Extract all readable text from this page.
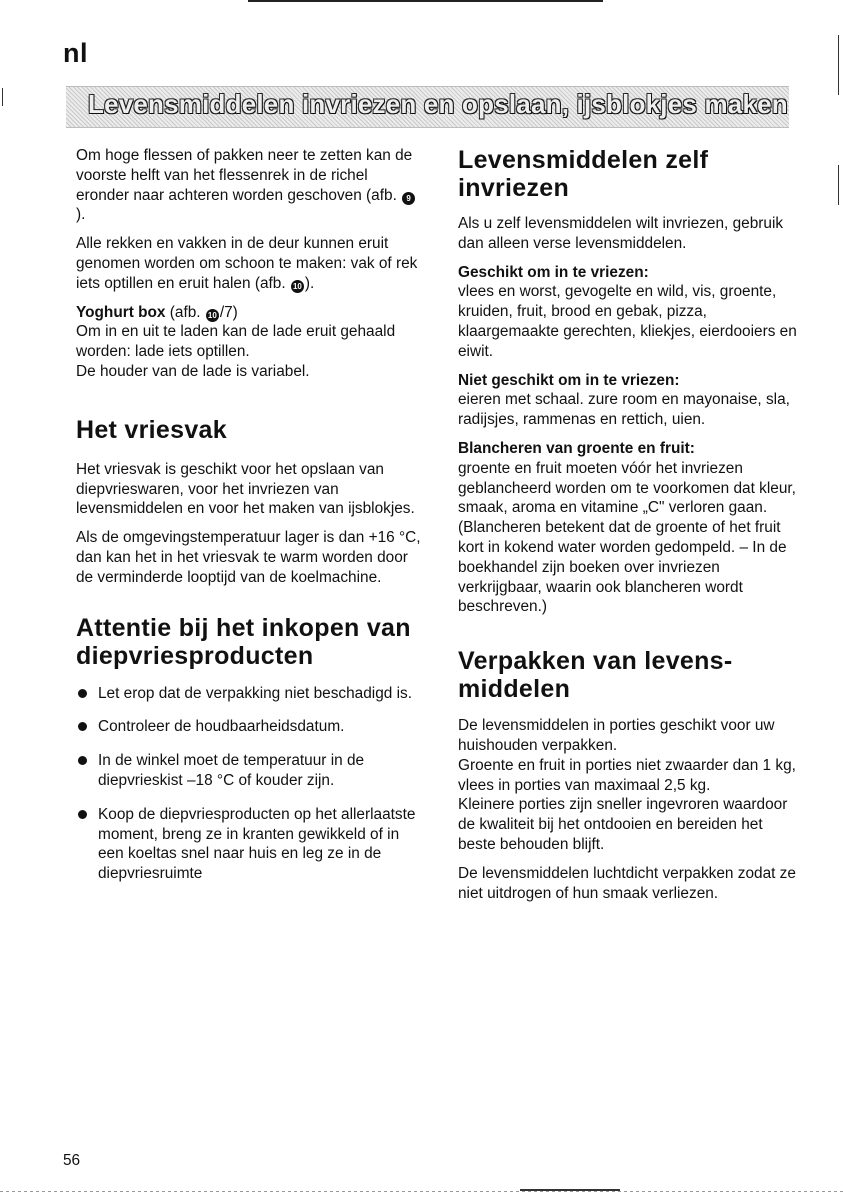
nl
Levensmiddelen invriezen en opslaan, ijsblokjes maken

Om hoge flessen of pakken neer te zetten kan de voorste helft van het flessenrek in de richel eronder naar achteren worden geschoven (afb. 9).

Alle rekken en vakken in de deur kunnen eruit genomen worden om schoon te maken: vak of rek iets optillen en eruit halen (afb. 10 ).

Yoghurt box (afb. 10 /7)
Om in en uit te laden kan de lade eruit gehaald worden: lade iets optillen.
De houder van de lade is variabel.

Het vriesvak

Het vriesvak is geschikt voor het opslaan van diepvrieswaren, voor het invriezen van levensmiddelen en voor het maken van ijsblokjes.

Als de omgevingstemperatuur lager is dan +16 °C, dan kan het in het vriesvak te warm worden door de verminderde looptijd van de koelmachine.

Attentie bij het inkopen van diepvriesproducten
Let erop dat de verpakking niet beschadigd is.
Controleer de houdbaarheidsdatum.
In de winkel moet de temperatuur in de diepvrieskist –18 °C of kouder zijn.
Koop de diepvriesproducten op het allerlaatste moment, breng ze in kranten gewikkeld of in een koeltas snel naar huis en leg ze in de diepvriesruimte
Levensmiddelen zelf invriezen

Als u zelf levensmiddelen wilt invriezen, gebruik dan alleen verse levensmiddelen.

Geschikt om in te vriezen:
vlees en worst, gevogelte en wild, vis, groente, kruiden, fruit, brood en gebak, pizza, klaargemaakte gerechten, kliekjes, eierdooiers en eiwit.

Niet geschikt om in te vriezen:
eieren met schaal. zure room en mayonaise, sla, radijsjes, rammenas en rettich, uien.

Blancheren van groente en fruit:
groente en fruit moeten vóór het invriezen geblancheerd worden om te voorkomen dat kleur, smaak, aroma en vitamine „C" verloren gaan. (Blancheren betekent dat de groente of het fruit kort in kokend water worden gedompeld. – In de boekhandel zijn boeken over invriezen verkrijgbaar, waarin ook blancheren wordt beschreven.)

Verpakken van levens-middelen

De levensmiddelen in porties geschikt voor uw huishouden verpakken.

Groente en fruit in porties niet zwaarder dan 1 kg, vlees in porties van maximaal 2,5 kg.

Kleinere porties zijn sneller ingevroren waardoor de kwaliteit bij het ontdooien en bereiden het beste behouden blijft.

De levensmiddelen luchtdicht verpakken zodat ze niet uitdrogen of hun smaak verliezen.

56
